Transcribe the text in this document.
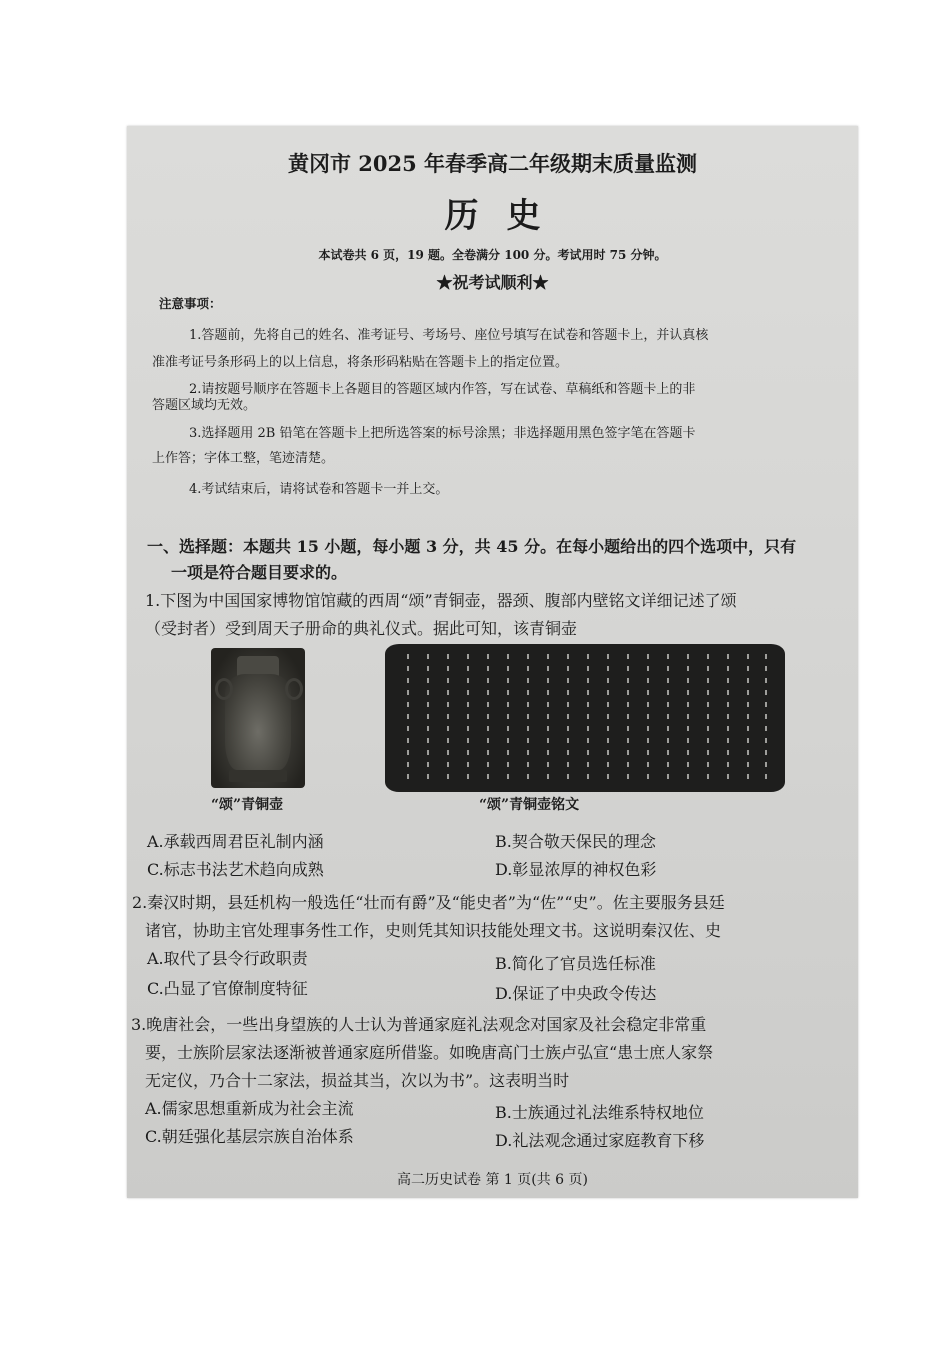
黄冈市 2025 年春季高二年级期末质量监测
历史
本试卷共 6 页，19 题。全卷满分 100 分。考试用时 75 分钟。
★祝考试顺利★
注意事项：
1.答题前，先将自己的姓名、准考证号、考场号、座位号填写在试卷和答题卡上，并认真核
准准考证号条形码上的以上信息，将条形码粘贴在答题卡上的指定位置。
2.请按题号顺序在答题卡上各题目的答题区域内作答，写在试卷、草稿纸和答题卡上的非
答题区域均无效。
3.选择题用 2B 铅笔在答题卡上把所选答案的标号涂黑；非选择题用黑色签字笔在答题卡
上作答；字体工整，笔迹清楚。
4.考试结束后，请将试卷和答题卡一并上交。
一、选择题：本题共 15 小题，每小题 3 分，共 45 分。在每小题给出的四个选项中，只有
一项是符合题目要求的。
1.下图为中国国家博物馆馆藏的西周“颂”青铜壶，器颈、腹部内壁铭文详细记述了颂
（受封者）受到周天子册命的典礼仪式。据此可知，该青铜壶
“颂”青铜壶	“颂”青铜壶铭文
A.承载西周君臣礼制内涵	B.契合敬天保民的理念
C.标志书法艺术趋向成熟	D.彰显浓厚的神权色彩
2.秦汉时期，县廷机构一般选任“壮而有爵”及“能史者”为“佐”“史”。佐主要服务县廷
诸官，协助主官处理事务性工作，史则凭其知识技能处理文书。这说明秦汉佐、史
A.取代了县令行政职责	B.简化了官员选任标准
C.凸显了官僚制度特征	D.保证了中央政令传达
3.晚唐社会，一些出身望族的人士认为普通家庭礼法观念对国家及社会稳定非常重
要，士族阶层家法逐渐被普通家庭所借鉴。如晚唐高门士族卢弘宣“患士庶人家祭
无定仪，乃合十二家法，损益其当，次以为书”。这表明当时
A.儒家思想重新成为社会主流	B.士族通过礼法维系特权地位
C.朝廷强化基层宗族自治体系	D.礼法观念通过家庭教育下移
高二历史试卷 第 1 页(共 6 页)
